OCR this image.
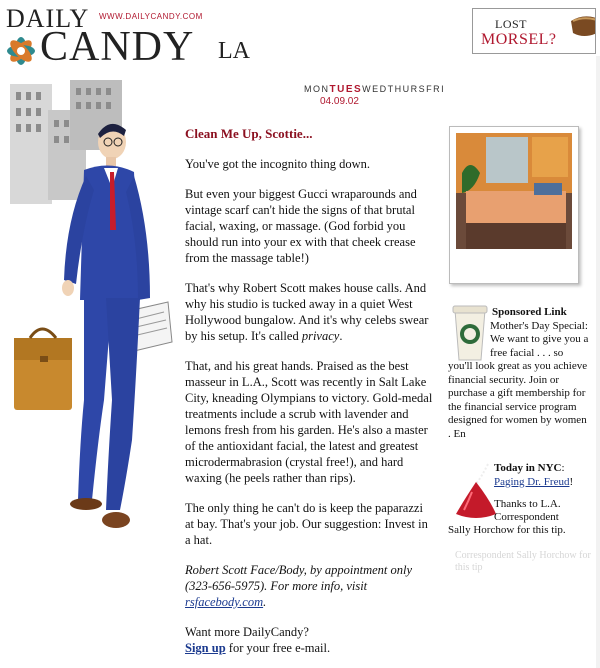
DAILY WWW.DAILYCANDY.COM
CANDY LA
LOST
MORSEL?
MONTUESWEDTHURSFRI
04.09.02
Clean Me Up, Scottie...

You've got the incognito thing down.

But even your biggest Gucci wraparounds and vintage scarf can't hide the signs of that brutal facial, waxing, or massage. (God forbid you should run into your ex with that cheek crease from the massage table!)

That's why Robert Scott makes house calls. And why his studio is tucked away in a quiet West Hollywood bungalow. And it's why celebs swear by his setup. It's called privacy.

That, and his great hands. Praised as the best masseur in L.A., Scott was recently in Salt Lake City, kneading Olympians to victory. Gold-medal treatments include a scrub with lavender and lemons fresh from his garden. He's also a master of the antioxidant facial, the latest and greatest microdermabrasion (crystal free!), and hard waxing (he peels rather than rips).

The only thing he can't do is keep the paparazzi at bay. That's your job. Our suggestion: Invest in a hat.

Robert Scott Face/Body, by appointment only (323-656-5975). For more info, visit rsfacebody.com.

Want more DailyCandy?
Sign up for your free e-mail.
Sponsored Link
Mother's Day Special: We want to give you a free facial . . . so you'll look great as you achieve financial security. Join or purchase a gift membership for the financial service program designed for women by women . En
Today in NYC:
Paging Dr. Freud!
Thanks to L.A. Correspondent
Sally Horchow for this tip.
Correspondent Sally Horchow for this tip
